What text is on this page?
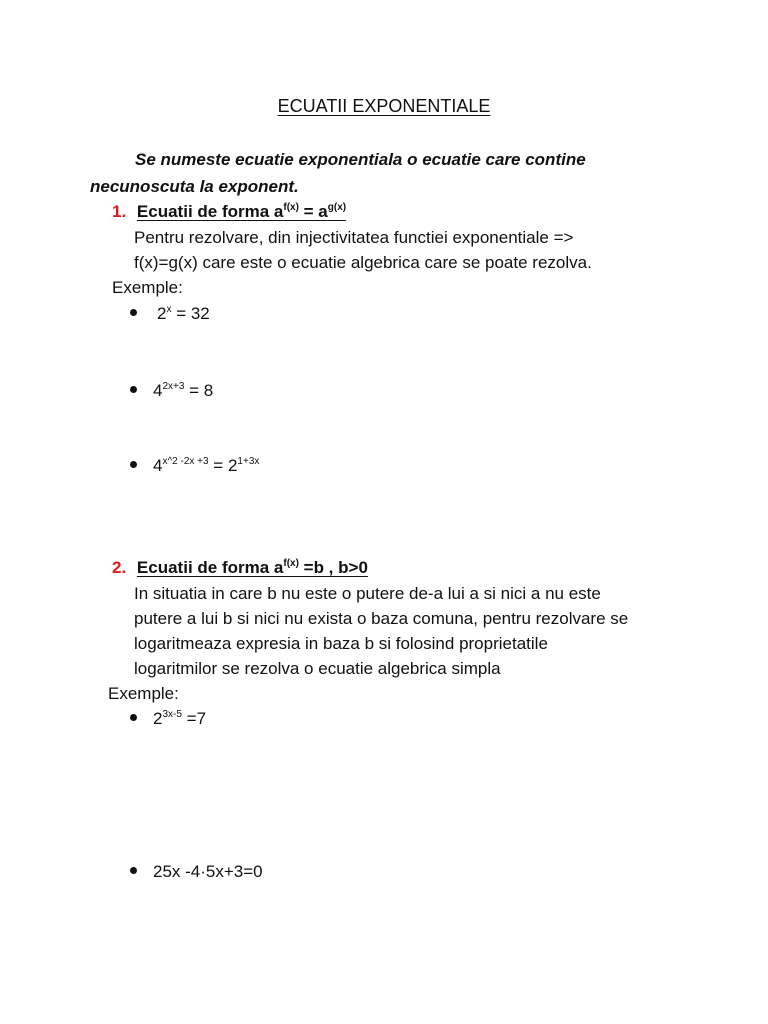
ECUATII EXPONENTIALE
Se numeste ecuatie exponentiala o ecuatie care contine
necunoscuta la exponent.
1. Ecuatii de forma $a^{f(x)} = a^{g(x)}$
Pentru rezolvare, din injectivitatea functiei exponentiale =>
f(x)=g(x) care este o ecuatie algebrica care se poate rezolva.
Exemple:
$2^x = 32$
$4^{2x+3} = 8$
$4^{x\^{}2 -2x +3} = 2^{1+3x}$
2. Ecuatii de forma $a^{f(x)} =b$ , b>0
In situatia in care b nu este o putere de-a lui a si nici a nu este
putere a lui b si nici nu exista o baza comuna, pentru rezolvare se
logaritmeaza expresia in baza b si folosind proprietatile
logaritmilor se rezolva o ecuatie algebrica simpla
Exemple:
$2^{3x-5} =7$
25x -4·5x+3=0
